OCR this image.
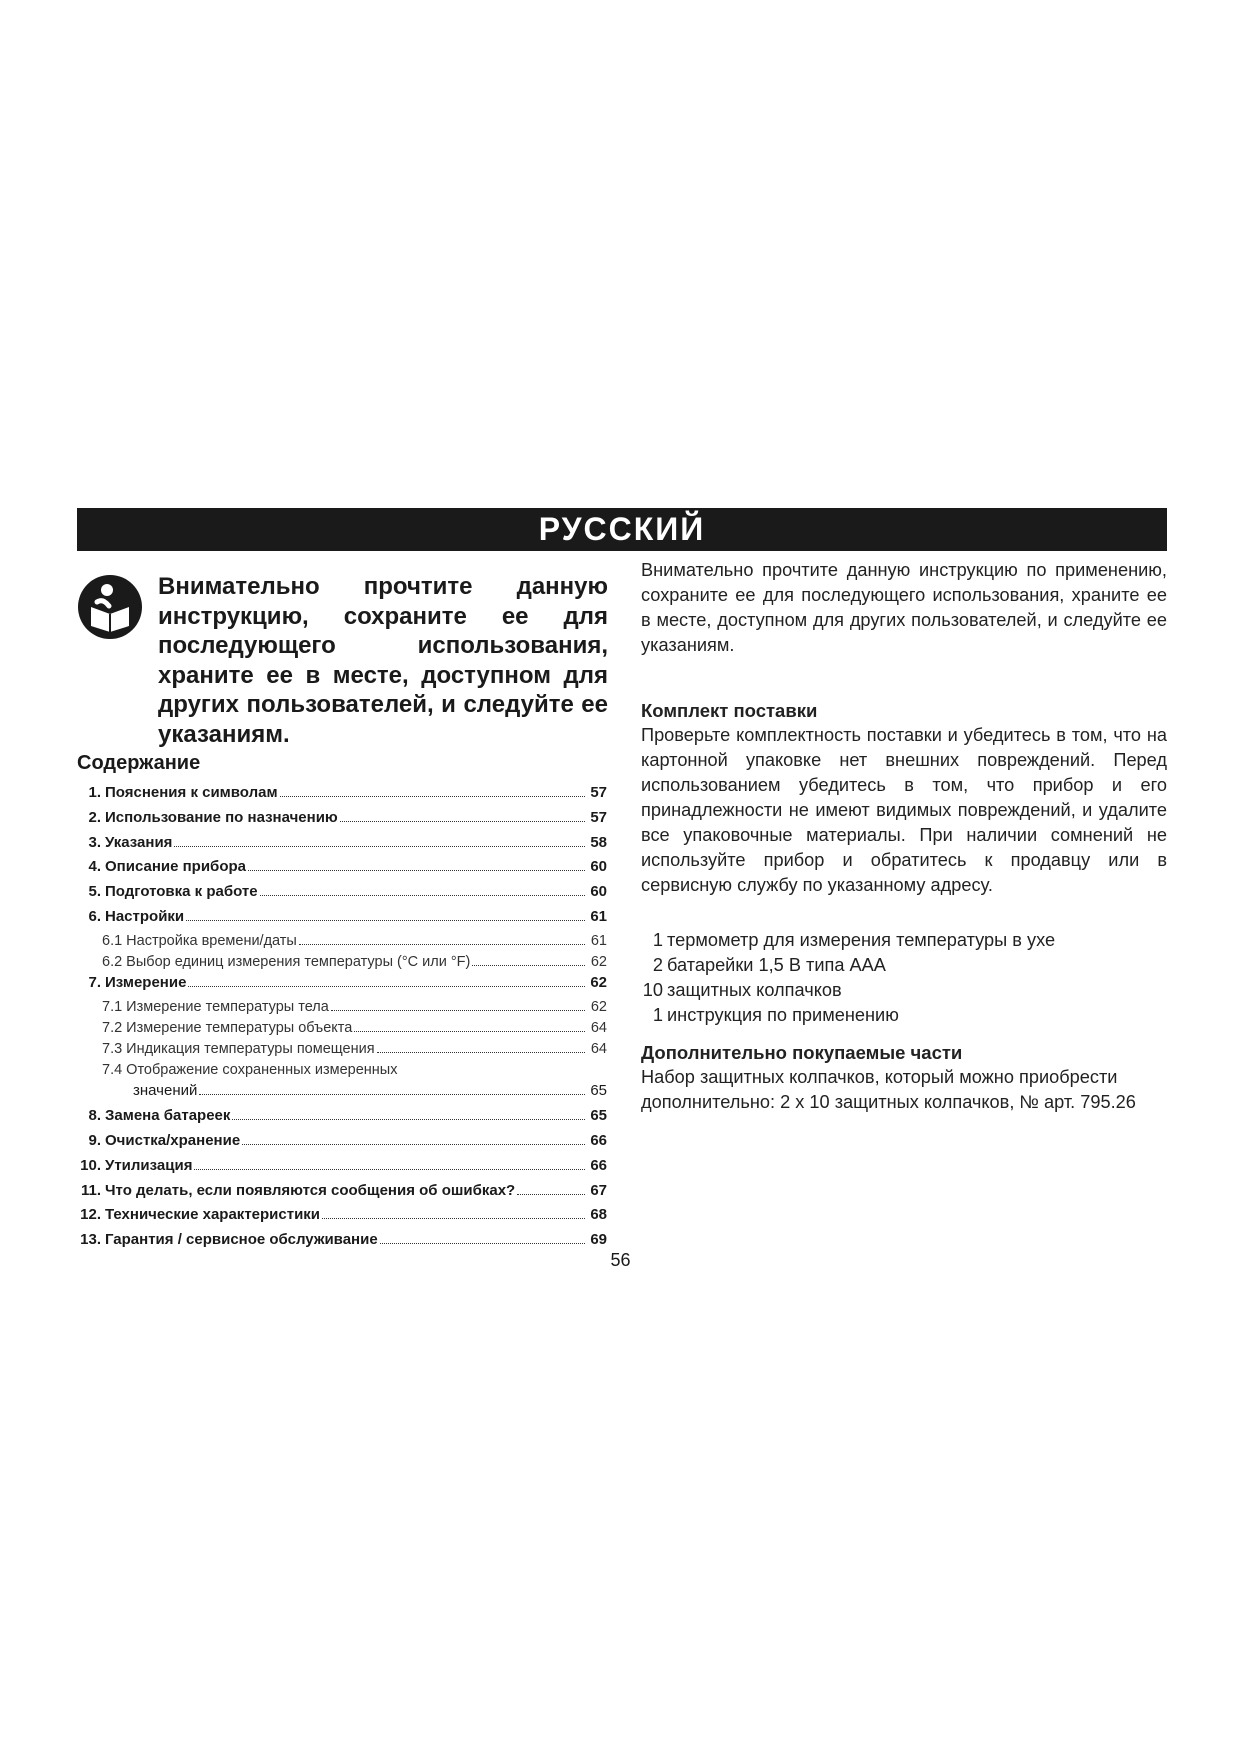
РУССКИЙ
Внимательно прочтите данную инструкцию, сохраните ее для последующего использования, храните ее в месте, доступном для других пользователей, и следуйте ее указаниям.
Содержание
1. Пояснения к символам	57
2. Использование по назначению	57
3. Указания	58
4. Описание прибора	60
5. Подготовка к работе	60
6. Настройки	61
6.1 Настройка времени/даты	61
6.2 Выбор единиц измерения температуры (°C или °F)	62
7. Измерение	62
7.1 Измерение температуры тела	62
7.2 Измерение температуры объекта	64
7.3 Индикация температуры помещения	64
7.4 Отображение сохраненных измеренных
значений	65
8. Замена батареек	65
9. Очистка/хранение	66
10. Утилизация	66
11. Что делать, если появляются сообщения об ошибках?	67
12. Технические характеристики	68
13. Гарантия / сервисное обслуживание	69

Внимательно прочтите данную инструкцию по применению, сохраните ее для последующего использования, храните ее в месте, доступном для других пользователей, и следуйте ее указаниям.

Комплект поставки

Проверьте комплектность поставки и убедитесь в том, что на картонной упаковке нет внешних повреждений. Перед использованием убедитесь в том, что прибор и его принадлежности не имеют видимых повреждений, и удалите все упаковочные материалы. При наличии сомнений не используйте прибор и обратитесь к продавцу или в сервисную службу по указанному адресу.

1 термометр для измерения температуры в ухе
2 батарейки 1,5 В типа AAA
10 защитных колпачков
1 инструкция по применению

Дополнительно покупаемые части

Набор защитных колпачков, который можно приобрести дополнительно: 2 x 10 защитных колпачков, № арт. 795.26

56
